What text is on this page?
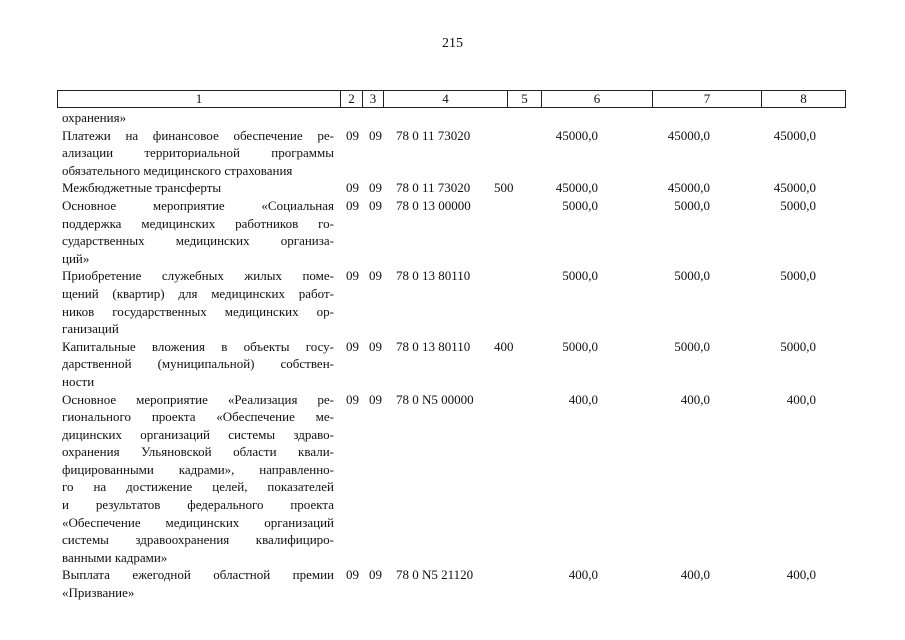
215
1	2	3	4	5	6	7	8
охранения»
Платежи на финансовое обеспечение ре-
ализации территориальной программы
обязательного медицинского страхования
09 09 78 0 11 73020	45000,0	45000,0	45000,0
Межбюджетные трансферты	09 09 78 0 11 73020 500	45000,0	45000,0	45000,0
Основное мероприятие «Социальная
поддержка медицинских работников го-
сударственных медицинских организа-
ций»
09 09 78 0 13 00000	5000,0	5000,0	5000,0
Приобретение служебных жилых поме-
щений (квартир) для медицинских работ-
ников государственных медицинских ор-
ганизаций
09 09 78 0 13 80110	5000,0	5000,0	5000,0
Капитальные вложения в объекты госу-
дарственной (муниципальной) собствен-
ности
09 09 78 0 13 80110 400	5000,0	5000,0	5000,0
Основное мероприятие «Реализация ре-
гионального проекта «Обеспечение ме-
дицинских организаций системы здраво-
охранения Ульяновской области квали-
фицированными кадрами», направленно-
го на достижение целей, показателей
и результатов федерального проекта
«Обеспечение медицинских организаций
системы здравоохранения квалифициро-
ванными кадрами»
09 09 78 0 N5 00000	400,0	400,0	400,0
Выплата ежегодной областной премии
«Призвание»
09 09 78 0 N5 21120	400,0	400,0	400,0
